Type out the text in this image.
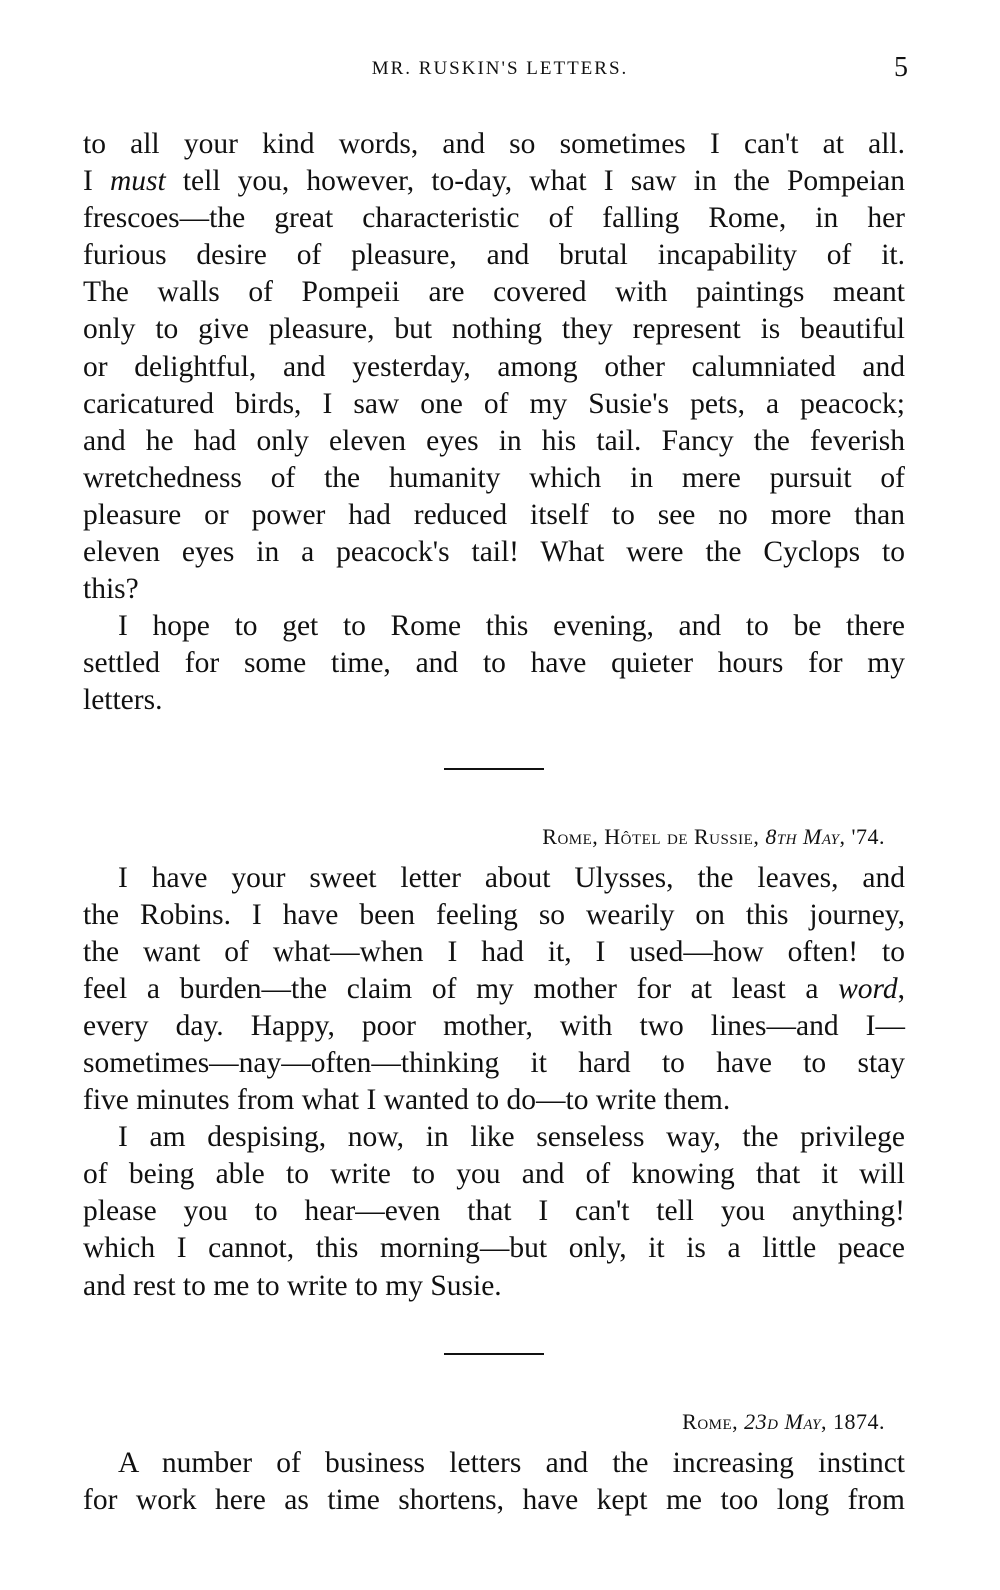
MR. RUSKIN'S LETTERS.	5

to all your kind words, and so sometimes I can't at all.

I must tell you, however, to-day, what I saw in the Pompeian

frescoes—the great characteristic of falling Rome, in her

furious desire of pleasure, and brutal incapability of it.

The walls of Pompeii are covered with paintings meant

only to give pleasure, but nothing they represent is beautiful

or delightful, and yesterday, among other calumniated and

caricatured birds, I saw one of my Susie's pets, a peacock;

and he had only eleven eyes in his tail. Fancy the feverish

wretchedness of the humanity which in mere pursuit of

pleasure or power had reduced itself to see no more than

eleven eyes in a peacock's tail! What were the Cyclops to

this?

I hope to get to Rome this evening, and to be there

settled for some time, and to have quieter hours for my

letters.

Rome, Hôtel de Russie, 8th May, '74.

I have your sweet letter about Ulysses, the leaves, and

the Robins. I have been feeling so wearily on this journey,

the want of what—when I had it, I used—how often! to

feel a burden—the claim of my mother for at least a word,

every day. Happy, poor mother, with two lines—and I—

sometimes—nay—often—thinking it hard to have to stay

five minutes from what I wanted to do—to write them.

I am despising, now, in like senseless way, the privilege

of being able to write to you and of knowing that it will

please you to hear—even that I can't tell you anything!

which I cannot, this morning—but only, it is a little peace

and rest to me to write to my Susie.

Rome, 23d May, 1874.

A number of business letters and the increasing instinct

for work here as time shortens, have kept me too long from
